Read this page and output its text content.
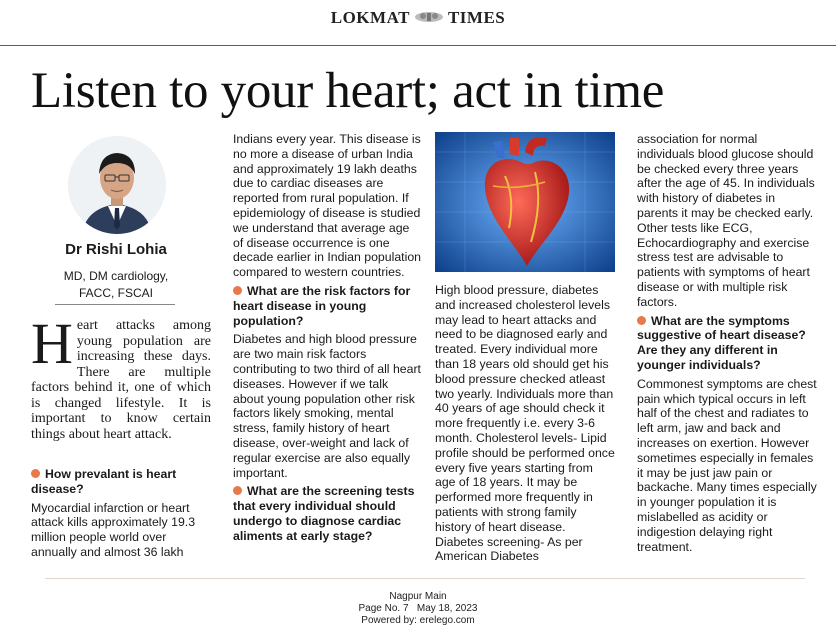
LOKMAT TIMES
Listen to your heart; act in time
Dr Rishi Lohia
MD, DM cardiology,
FACC, FSCAI
Heart attacks among young population are increasing these days. There are multiple factors behind it, one of which is changed lifestyle. It is important to know certain things about heart attack.

How prevalant is heart disease?

Myocardial infarction or heart attack kills approximately 19.3 million people world over annually and almost 36 lakh

Indians every year. This disease is no more a disease of urban India and approximately 19 lakh deaths due to cardiac diseases are reported from rural population. If epidemiology of disease is studied we understand that average age of disease occurrence is one decade earlier in Indian population compared to western countries.

What are the risk factors for heart disease in young population?

Diabetes and high blood pressure are two main risk factors contributing to two third of all heart diseases. However if we talk about young population other risk factors likely smoking, mental stress, family history of heart disease, over-weight and lack of regular exercise are also equally important.

What are the screening tests that every individual should undergo to diagnose cardiac aliments at early stage?

High blood pressure, diabetes and increased cholesterol levels may lead to heart attacks and need to be diagnosed early and treated. Every individual more than 18 years old should get his blood pressure checked atleast two yearly. Individuals more than 40 years of age should check it more frequently i.e. every 3-6 month. Cholesterol levels- Lipid profile should be performed once every five years starting from age of 18 years. It may be performed more frequently in patients with strong family history of heart disease. Diabetes screening- As per American Diabetes

association for normal individuals blood glucose should be checked every three years after the age of 45. In individuals with history of diabetes in parents it may be checked early. Other tests like ECG, Echocardiography and exercise stress test are advisable to patients with symptoms of heart disease or with multiple risk factors.

What are the symptoms suggestive of heart disease? Are they any different in younger individuals?

Commonest symptoms are chest pain which typical occurs in left half of the chest and radiates to left arm, jaw and back and increases on exertion. However sometimes especially in females it may be just jaw pain or backache. Many times especially in younger population it is mislabelled as acidity or indigestion delaying right treatment.

Nagpur Main
Page No. 7 May 18, 2023
Powered by: erelego.com
